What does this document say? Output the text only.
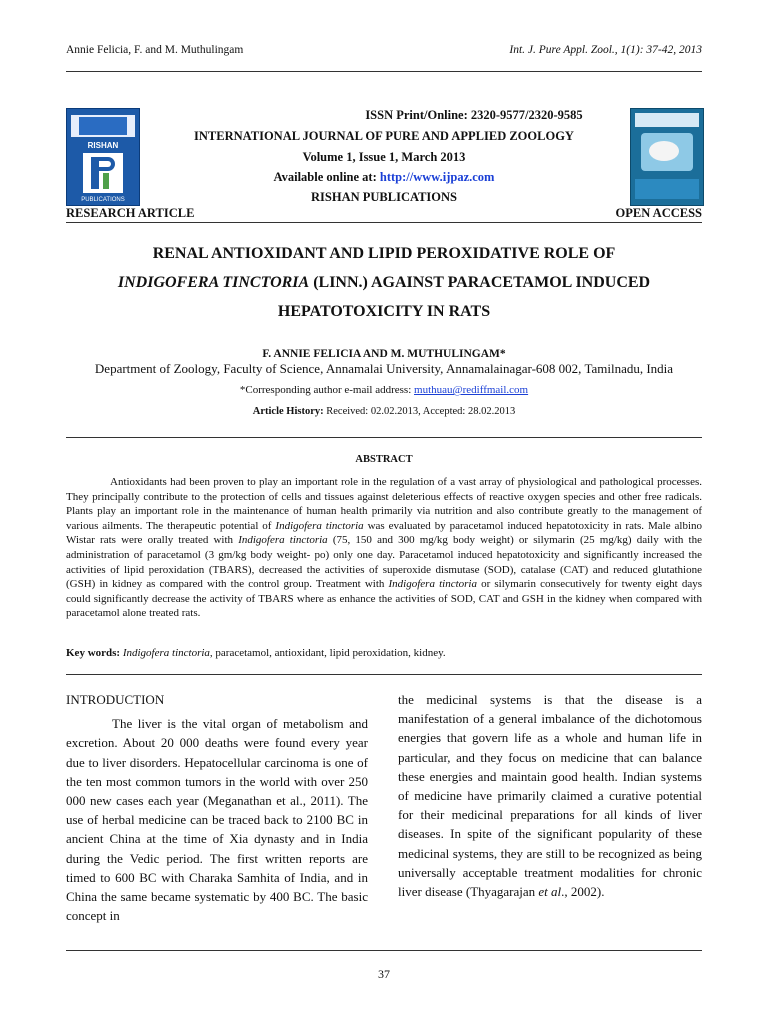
Annie Felicia, F. and M. Muthulingam	Int. J. Pure Appl. Zool., 1(1): 37-42, 2013
RISHAN
PUBLICATIONS
ISSN Print/Online: 2320-9577/2320-9585
INTERNATIONAL JOURNAL OF PURE AND APPLIED ZOOLOGY
Volume 1, Issue 1, March 2013
Available online at: http://www.ijpaz.com
RISHAN PUBLICATIONS
RESEARCH ARTICLE	OPEN ACCESS
RENAL ANTIOXIDANT AND LIPID PEROXIDATIVE ROLE OF
INDIGOFERA TINCTORIA (LINN.) AGAINST PARACETAMOL INDUCED
HEPATOTOXICITY IN RATS
F. ANNIE FELICIA AND M. MUTHULINGAM*
Department of Zoology, Faculty of Science, Annamalai University, Annamalainagar-608 002, Tamilnadu, India
*Corresponding author e-mail address: muthuau@rediffmail.com
Article History: Received: 02.02.2013, Accepted: 28.02.2013
ABSTRACT

Antioxidants had been proven to play an important role in the regulation of a vast array of physiological and pathological processes. They principally contribute to the protection of cells and tissues against deleterious effects of reactive oxygen species and other free radicals. Plants play an important role in the maintenance of human health primarily via nutrition and also contribute greatly to the management of various ailments. The therapeutic potential of Indigofera tinctoria was evaluated by paracetamol induced hepatotoxicity in rats. Male albino Wistar rats were orally treated with Indigofera tinctoria (75, 150 and 300 mg/kg body weight) or silymarin (25 mg/kg) daily with the administration of paracetamol (3 gm/kg body weight- po) only one day. Paracetamol induced hepatotoxicity and significantly increased the activities of lipid peroxidation (TBARS), decreased the activities of superoxide dismutase (SOD), catalase (CAT) and reduced glutathione (GSH) in kidney as compared with the control group. Treatment with Indigofera tinctoria or silymarin consecutively for twenty eight days could significantly decrease the activity of TBARS where as enhance the activities of SOD, CAT and GSH in the kidney when compared with paracetamol alone treated rats.

Key words: Indigofera tinctoria, paracetamol, antioxidant, lipid peroxidation, kidney.
INTRODUCTION

The liver is the vital organ of metabolism and excretion. About 20 000 deaths were found every year due to liver disorders. Hepatocellular carcinoma is one of the ten most common tumors in the world with over 250 000 new cases each year (Meganathan et al., 2011). The use of herbal medicine can be traced back to 2100 BC in ancient China at the time of Xia dynasty and in India during the Vedic period. The first written reports are timed to 600 BC with Charaka Samhita of India, and in China the same became systematic by 400 BC. The basic concept in

the medicinal systems is that the disease is a manifestation of a general imbalance of the dichotomous energies that govern life as a whole and human life in particular, and they focus on medicine that can balance these energies and maintain good health. Indian systems of medicine have primarily claimed a curative potential for their medicinal preparations for all kinds of liver diseases. In spite of the significant popularity of these medicinal systems, they are still to be recognized as being universally acceptable treatment modalities for chronic liver disease (Thyagarajan et al., 2002).

37
